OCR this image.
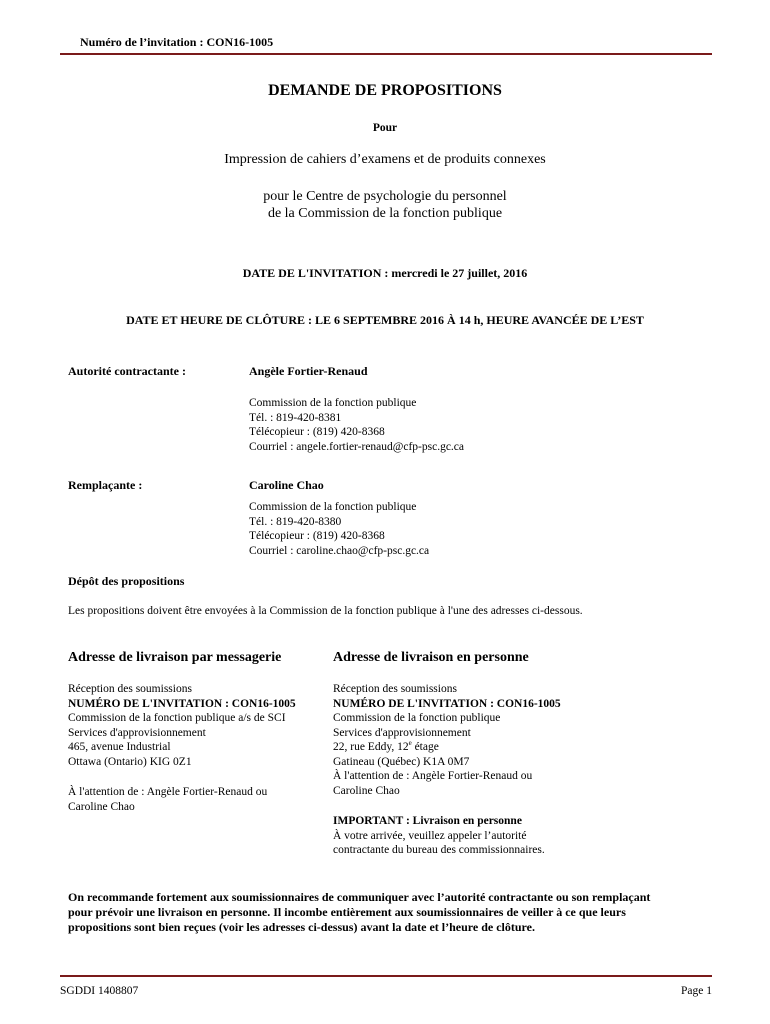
Numéro de l’invitation : CON16-1005
DEMANDE DE PROPOSITIONS
Pour
Impression de cahiers d’examens et de produits connexes
pour le Centre de psychologie du personnel
de la Commission de la fonction publique
DATE DE L'INVITATION : mercredi le 27 juillet, 2016
DATE ET HEURE DE CLÔTURE : LE 6 SEPTEMBRE 2016 À 14 h, HEURE AVANCÉE DE L’EST
Autorité contractante :	Angèle Fortier-Renaud
Commission de la fonction publique
Tél. : 819-420-8381
Télécopieur : (819) 420-8368
Courriel : angele.fortier-renaud@cfp-psc.gc.ca
Remplaçante :	Caroline Chao
Commission de la fonction publique
Tél. : 819-420-8380
Télécopieur : (819) 420-8368
Courriel : caroline.chao@cfp-psc.gc.ca
Dépôt des propositions
Les propositions doivent être envoyées à la Commission de la fonction publique à l'une des adresses ci-dessous.
Adresse de livraison par messagerie	Adresse de livraison en personne
Réception des soumissions
NUMÉRO DE L'INVITATION : CON16-1005
Commission de la fonction publique a/s de SCI
Services d'approvisionnement
465, avenue Industrial
Ottawa (Ontario) KIG 0Z1
À l'attention de : Angèle Fortier-Renaud ou
Caroline Chao
Réception des soumissions
NUMÉRO DE L'INVITATION : CON16-1005
Commission de la fonction publique
Services d'approvisionnement
22, rue Eddy, 12e étage
Gatineau (Québec) K1A 0M7
À l'attention de : Angèle Fortier-Renaud ou
Caroline Chao
IMPORTANT : Livraison en personne
À votre arrivée, veuillez appeler l’autorité
contractante du bureau des commissionnaires.
On recommande fortement aux soumissionnaires de communiquer avec l’autorité contractante ou son remplaçant
pour prévoir une livraison en personne. Il incombe entièrement aux soumissionnaires de veiller à ce que leurs
propositions sont bien reçues (voir les adresses ci-dessus) avant la date et l’heure de clôture.
SGDDI 1408807	Page 1
